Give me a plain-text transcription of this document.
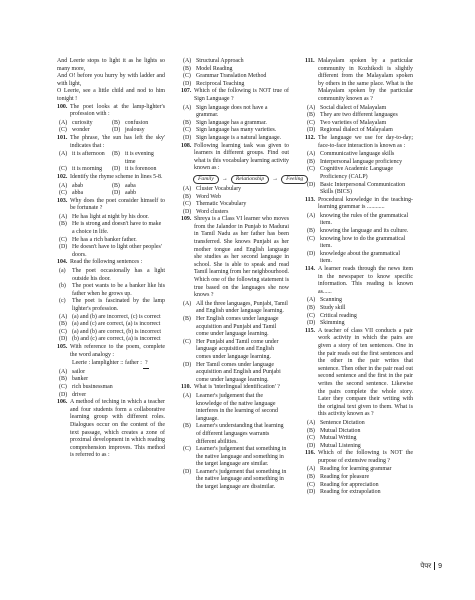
And Leerie stops to light it as he lights so many more,
And O! before you hurry by with ladder and with light,
O Leerie, see a little child and nod to him tonight !
100. The poet looks at the lamp-lighter's profession with :
(A) curiosity	(B) confusion
(C) wonder	(D) jealousy
101. The phrase, 'the sun has left the sky' indicates that :
(A) it is afternoon (B) it is evening time
(C) it is morning (D) it is forenoon
102. Identify the rhyme scheme in lines 5-8.
(A) abab	(B) aaba
(C) abba	(D) aabb
103. Why does the poet consider himself to be fortunate ?
(A) He has light at night by his door.
(B) He is strong and doesn't have to make a choice in life.
(C) He has a rich banker father.
(D) He doesn't have to light other peoples' doors.
104. Read the following sentences :
(a)	The poet occasionally has a light outside his door.
(b)	The poet wants to be a banker like his father when he grows up.
(c)	The poet is fascinated by the lamp lighter's profession.
(A) (a) and (b) are incorrect, (c) is correct
(B) (a) and (c) are correct, (a) is incorrect
(C) (a) and (b) are correct, (b) is incorrect
(D) (b) and (c) are correct, (a) is incorrect
105. With reference to the poem, complete the word analogy :
Leerie : lamplighter :: father : ?
(A) sailor
(B) banker
(C) rich businessman
(D) driver
106. A method of teching in which a teacher and four students form a collaborative learning group with different roles. Dialogues occur on the content of the text passage, which creates a zone of proximal development in which reading comprehension improves. This method is referred to as :
(A) Structural Approach
(B) Model Reading
(C) Grammar Translation Method
(D) Reciprocal Teaching
107. Which of the following is NOT true of Sign Language ?
(A) Sign language does not have a grammar.
(B) Sign language has a grammar.
(C) Sign language has many varieties.
(D) Sign language is a natural language.
108. Following learning task was given to learners in different groups. Find out what is this vocabulary learning activity known as :
Family	→	Relationship	→	Feeling
(A) Cluster Vocabulary
(B) Word Web
(C) Thematic Vocabulary
(D) Word clusters
109. Shreya is a Class VI learner who moves from the Jalandor in Punjab to Madurai in Tamil Nadu as her father has been transferred. She knows Punjabi as her mother tongue and English language she studies as her second language in school. She is able to speak and read Tamil learning from her neighbourhood. Which one of the following statement is true based on the languages she now knows ?
(A) All the three languages, Punjabi, Tamil and English under language learning.
(B) Her English comes under language acquisition and Punjabi and Tamil come under language learning.
(C) Her Punjabi and Tamil come under language acquisition and English comes under language learning.
(D) Her Tamil comes under language acquisition and English and Punjabi come under language learning.
110. What is 'interlingual identification' ?
(A) Learner's judgement that the knowledge of the native language interferes in the learning of second language.
(B) Learner's understanding that learning of different languages warrants different abilities.
(C) Learner's judgement that something in the native language and something in the target language are similar.
(D) Learner's judgement that something in the native language and something in the target language are dissimilar.
111. Malayalam spoken by a particular community in Kozhikodi is slightly different from the Malayalam spoken by others in the same place. What is the Malayalam spoken by the particular community known as ?
(A) Social dialect of Malayalam
(B) They are two different languages
(C) Two varieties of Malayalam
(D) Regional dialect of Malayalam
112. The language we use for day-to-day; face-to-face interaction is known as :
(A) Communicative language skills
(B) Interpersonal language proficiency
(C) Cognitive Academic Language Proficiency (CALP)
(D) Basic Interpersonal Communication Skills (BICS)
113. Procedural knowledge in the teaching-learning grammar is ............
(A) knowing the rules of the grammatical item.
(B) knowing the language and its culture.
(C) knowing how to do the grammatical item.
(D) knowledge about the grammatical item.
114. A learner reads through the news item in the newspaper to know specific information. This reading is known as......
(A) Scanning
(B) Study skill
(C) Critical reading
(D) Skimming
115. A teacher of class VII conducts a pair work activity in which the pairs are given a story of ten sentences. One in the pair reads out the first sentences and the other in the pair writes that sentence. Then other in the pair read out second sentence and the first in the pair writes the second sentence. Likewise the pairs complete the whole story. Later they compare their writing with the original text given to them. What is this activity known as ?
(A) Sentence Dictation
(B) Mutual Dictation
(C) Mutual Writing
(D) Mutual Listening
116. Which of the following is NOT the purpose of extensive reading ?
(A) Reading for learning grammar
(B) Reading for pleasure
(C) Reading for appreciation
(D) Reading for extrapolation
पेपर 9
